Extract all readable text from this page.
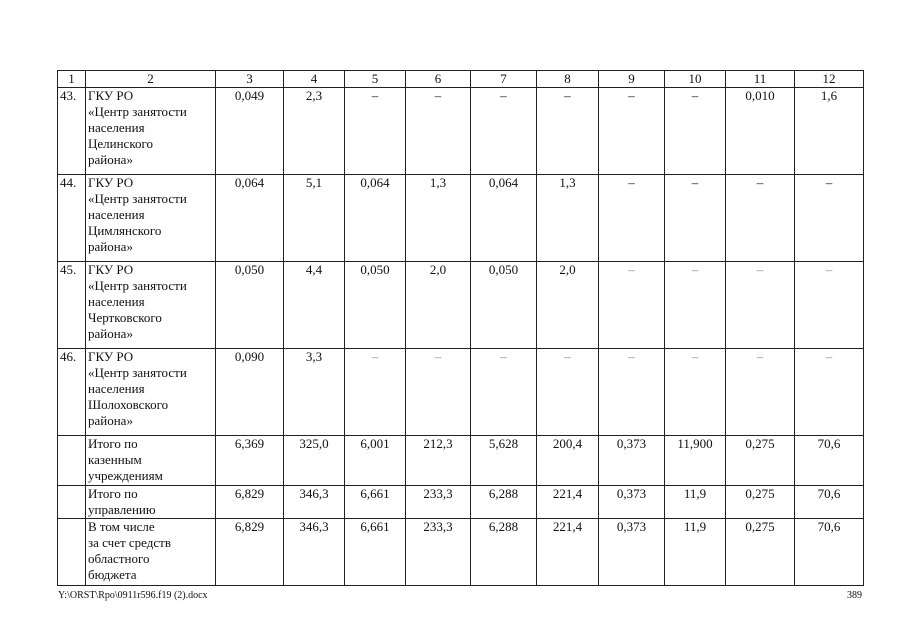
1	2	3	4	5	6	7	8	9	10	11	12
43.	ГКУ РО
«Центр занятости
населения
Целинского
района»	0,049	2,3	–	–	–	–	–	–	0,010	1,6
44.	ГКУ РО
«Центр занятости
населения
Цимлянского
района»	0,064	5,1	0,064	1,3	0,064	1,3	–	–	–	–
45.	ГКУ РО
«Центр занятости
населения
Чертковского
района»	0,050	4,4	0,050	2,0	0,050	2,0	–	–	–	–
46.	ГКУ РО
«Центр занятости
населения
Шолоховского
района»	0,090	3,3	–	–	–	–	–	–	–	–
	Итого по
казенным
учреждениям	6,369	325,0	6,001	212,3	5,628	200,4	0,373	11,900	0,275	70,6
	Итого по
управлению	6,829	346,3	6,661	233,3	6,288	221,4	0,373	11,9	0,275	70,6
	В том числе
за счет средств
областного
бюджета	6,829	346,3	6,661	233,3	6,288	221,4	0,373	11,9	0,275	70,6
Y:\ORST\Rpo\0911r596.f19 (2).docx	389
